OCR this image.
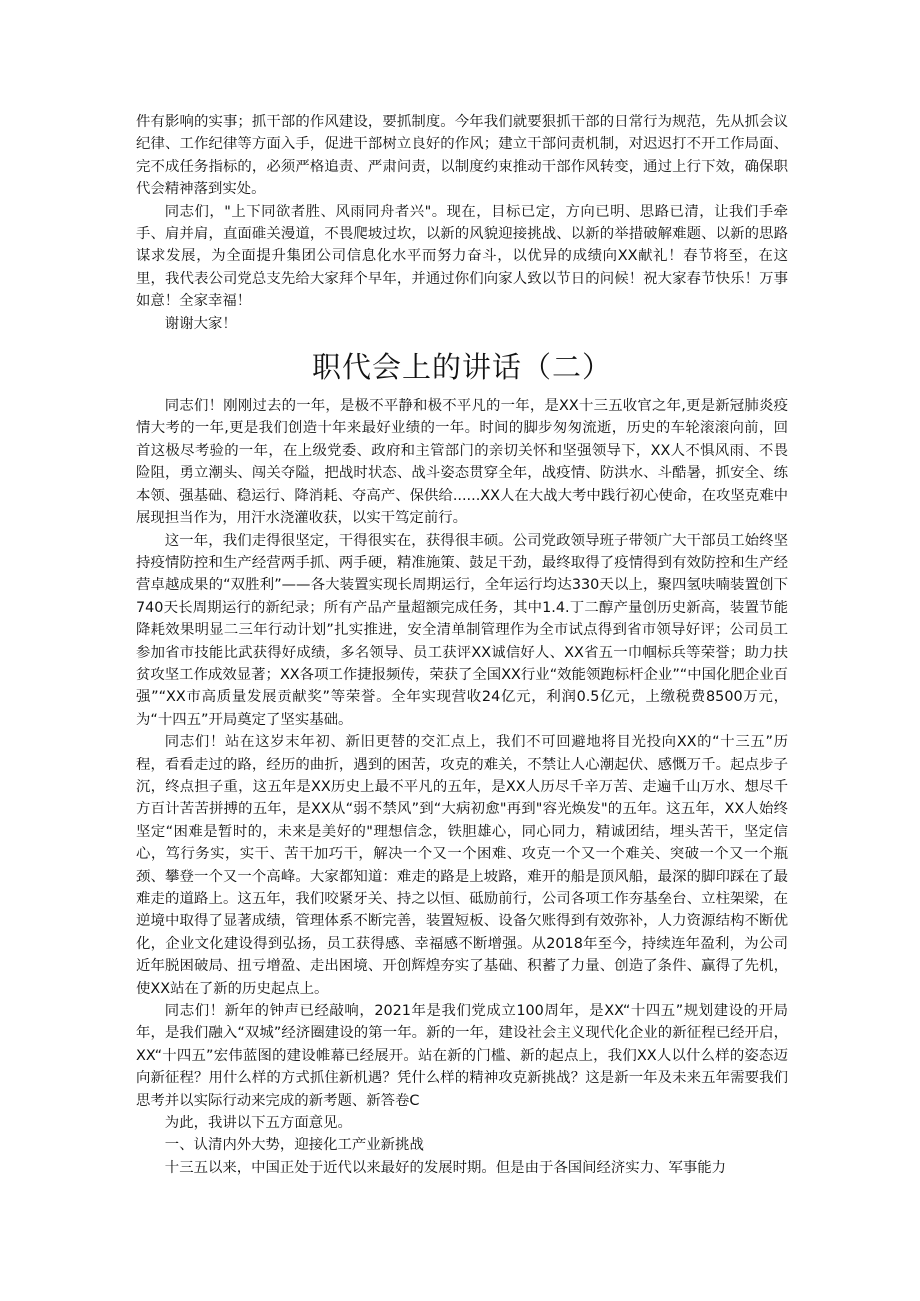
件有影响的实事；抓干部的作风建设，要抓制度。今年我们就要狠抓干部的日常行为规范，先从抓会议纪律、工作纪律等方面入手，促进干部树立良好的作风；建立干部问责机制，对迟迟打不开工作局面、完不成任务指标的，必须严格追责、严肃问责，以制度约束推动干部作风转变，通过上行下效，确保职代会精神落到实处。

同志们，"上下同欲者胜、风雨同舟者兴"。现在，目标已定，方向已明、思路已清，让我们手牵手、肩并肩，直面碓关漫道，不畏爬坡过坎，以新的风貌迎接挑战、以新的举措破解难题、以新的思路谋求发展，为全面提升集团公司信息化水平而努力奋斗，以优异的成绩向XX献礼！春节将至，在这里，我代表公司党总支先给大家拜个早年，并通过你们向家人致以节日的问候！祝大家春节快乐！万事如意！全家幸福！

谢谢大家！

职代会上的讲话（二）

同志们！刚刚过去的一年，是极不平静和极不平凡的一年，是XX十三五收官之年,更是新冠肺炎疫情大考的一年,更是我们创造十年来最好业绩的一年。时间的脚步匆匆流逝，历史的车轮滚滚向前，回首这极尽考验的一年，在上级党委、政府和主管部门的亲切关怀和坚强领导下，XX人不惧风雨、不畏险阻，勇立潮头、闯关夺隘，把战时状态、战斗姿态贯穿全年，战疫情、防洪水、斗酷暑，抓安全、练本领、强基础、稳运行、降消耗、夺高产、保供给......XX人在大战大考中践行初心使命，在攻坚克难中展现担当作为，用汗水浇灌收获，以实干笃定前行。

这一年，我们走得很坚定，干得很实在，获得很丰硕。公司党政领导班子带领广大干部员工始终坚持疫情防控和生产经营两手抓、两手硬，精准施策、鼓足干劲，最终取得了疫情得到有效防控和生产经营卓越成果的“双胜利”——各大装置实现长周期运行，全年运行均达330天以上，聚四氢呋喃装置创下740天长周期运行的新纪录；所有产品产量超额完成任务，其中1.4.丁二醇产量创历史新高，装置节能降耗效果明显二三年行动计划”扎实推进，安全清单制管理作为全市试点得到省市领导好评；公司员工参加省市技能比武获得好成绩，多名领导、员工获评XX诚信好人、XX省五一巾帼标兵等荣誉；助力扶贫攻坚工作成效显著；XX各项工作捷报频传，荣获了全国XX行业“效能领跑标杆企业”“中国化肥企业百强”“XX市高质量发展贡献奖”等荣誉。全年实现营收24亿元，利润0.5亿元，上缴税费8500万元，为“十四五”开局奠定了坚实基础。

同志们！站在这岁末年初、新旧更替的交汇点上，我们不可回避地将目光投向XX的“十三五”历程，看看走过的路，经历的曲折，遇到的困苦，攻克的难关，不禁让人心潮起伏、感慨万千。起点步子沉，终点担子重，这五年是XX历史上最不平凡的五年，是XX人历尽千辛万苦、走遍千山万水、想尽千方百计苦苦拼搏的五年，是XX从“弱不禁风”到“大病初愈"再到"容光焕发"的五年。这五年，XX人始终坚定“困难是暂时的，未来是美好的"理想信念，铁胆雄心，同心同力，精诚团结，埋头苦干，坚定信心，笃行务实，实干、苦干加巧干，解决一个又一个困难、攻克一个又一个难关、突破一个又一个瓶颈、攀登一个又一个高峰。大家都知道：难走的路是上坡路，难开的船是顶风船，最深的脚印踩在了最难走的道路上。这五年，我们咬紧牙关、持之以恒、砥励前行，公司各项工作夯基垒台、立柱架梁，在逆境中取得了显著成绩，管理体系不断完善，装置短板、设备欠账得到有效弥补，人力资源结构不断优化，企业文化建设得到弘扬，员工获得感、幸福感不断增强。从2018年至今，持续连年盈利，为公司近年脱困破局、扭亏增盈、走出困境、开创辉煌夯实了基础、积蓄了力量、创造了条件、赢得了先机，使XX站在了新的历史起点上。

同志们！新年的钟声已经敲响，2021年是我们党成立100周年，是XX“十四五”规划建设的开局年，是我们融入“双城”经济圈建设的第一年。新的一年，建设社会主义现代化企业的新征程已经开启，XX“十四五”宏伟蓝图的建设帷幕已经展开。站在新的门槛、新的起点上，我们XX人以什么样的姿态迈向新征程？用什么样的方式抓住新机遇？凭什么样的精神攻克新挑战？这是新一年及未来五年需要我们思考并以实际行动来完成的新考题、新答卷C

为此，我讲以下五方面意见。

一、认清内外大势，迎接化工产业新挑战

十三五以来，中国正处于近代以来最好的发展时期。但是由于各国间经济实力、军事能力
